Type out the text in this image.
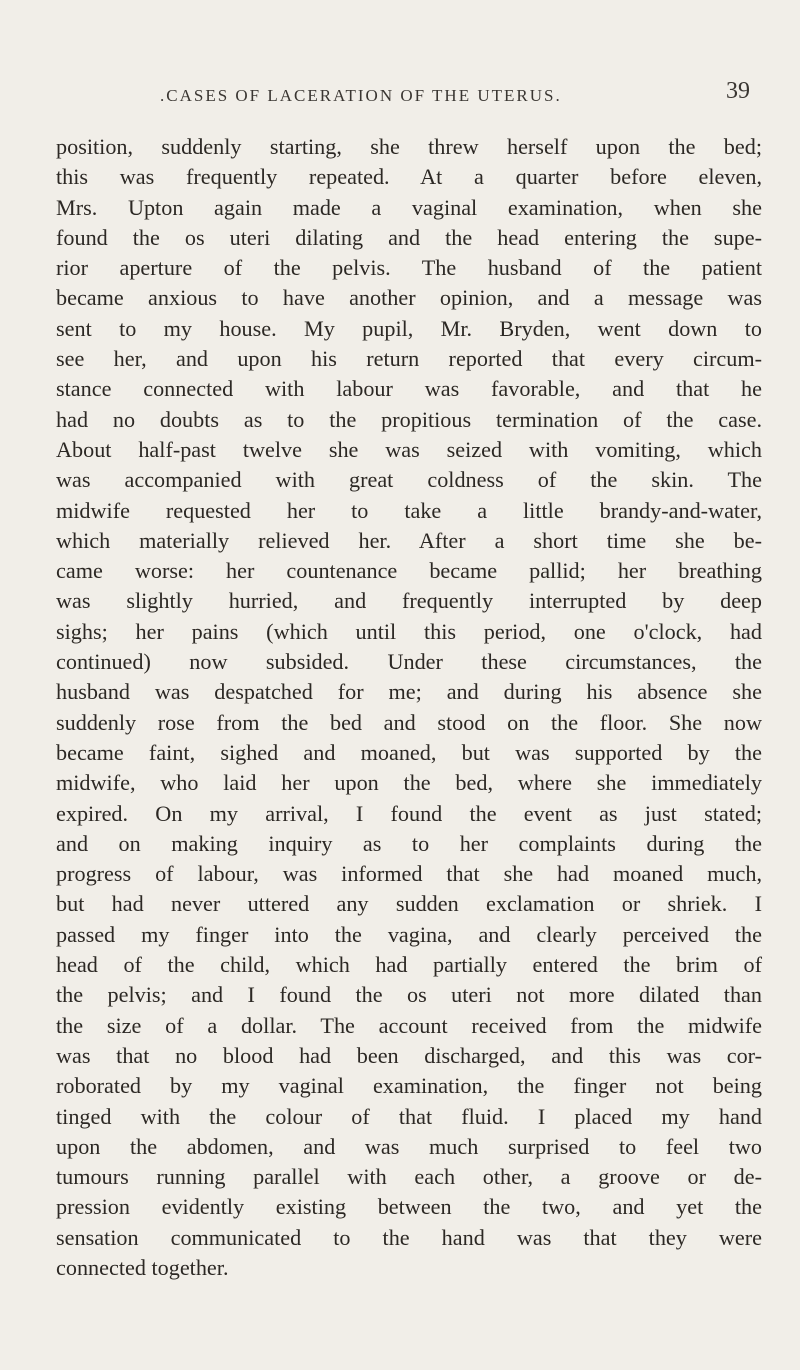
.CASES OF LACERATION OF THE UTERUS.	39
position, suddenly starting, she threw herself upon the bed;
this was frequently repeated. At a quarter before eleven,
Mrs. Upton again made a vaginal examination, when she
found the os uteri dilating and the head entering the supe-
rior aperture of the pelvis. The husband of the patient
became anxious to have another opinion, and a message was
sent to my house. My pupil, Mr. Bryden, went down to
see her, and upon his return reported that every circum-
stance connected with labour was favorable, and that he
had no doubts as to the propitious termination of the case.
About half-past twelve she was seized with vomiting, which
was accompanied with great coldness of the skin. The
midwife requested her to take a little brandy-and-water,
which materially relieved her. After a short time she be-
came worse: her countenance became pallid; her breathing
was slightly hurried, and frequently interrupted by deep
sighs; her pains (which until this period, one o'clock, had
continued) now subsided. Under these circumstances, the
husband was despatched for me; and during his absence she
suddenly rose from the bed and stood on the floor. She now
became faint, sighed and moaned, but was supported by the
midwife, who laid her upon the bed, where she immediately
expired. On my arrival, I found the event as just stated;
and on making inquiry as to her complaints during the
progress of labour, was informed that she had moaned much,
but had never uttered any sudden exclamation or shriek. I
passed my finger into the vagina, and clearly perceived the
head of the child, which had partially entered the brim of
the pelvis; and I found the os uteri not more dilated than
the size of a dollar. The account received from the midwife
was that no blood had been discharged, and this was cor-
roborated by my vaginal examination, the finger not being
tinged with the colour of that fluid. I placed my hand
upon the abdomen, and was much surprised to feel two
tumours running parallel with each other, a groove or de-
pression evidently existing between the two, and yet the
sensation communicated to the hand was that they were
connected together.
